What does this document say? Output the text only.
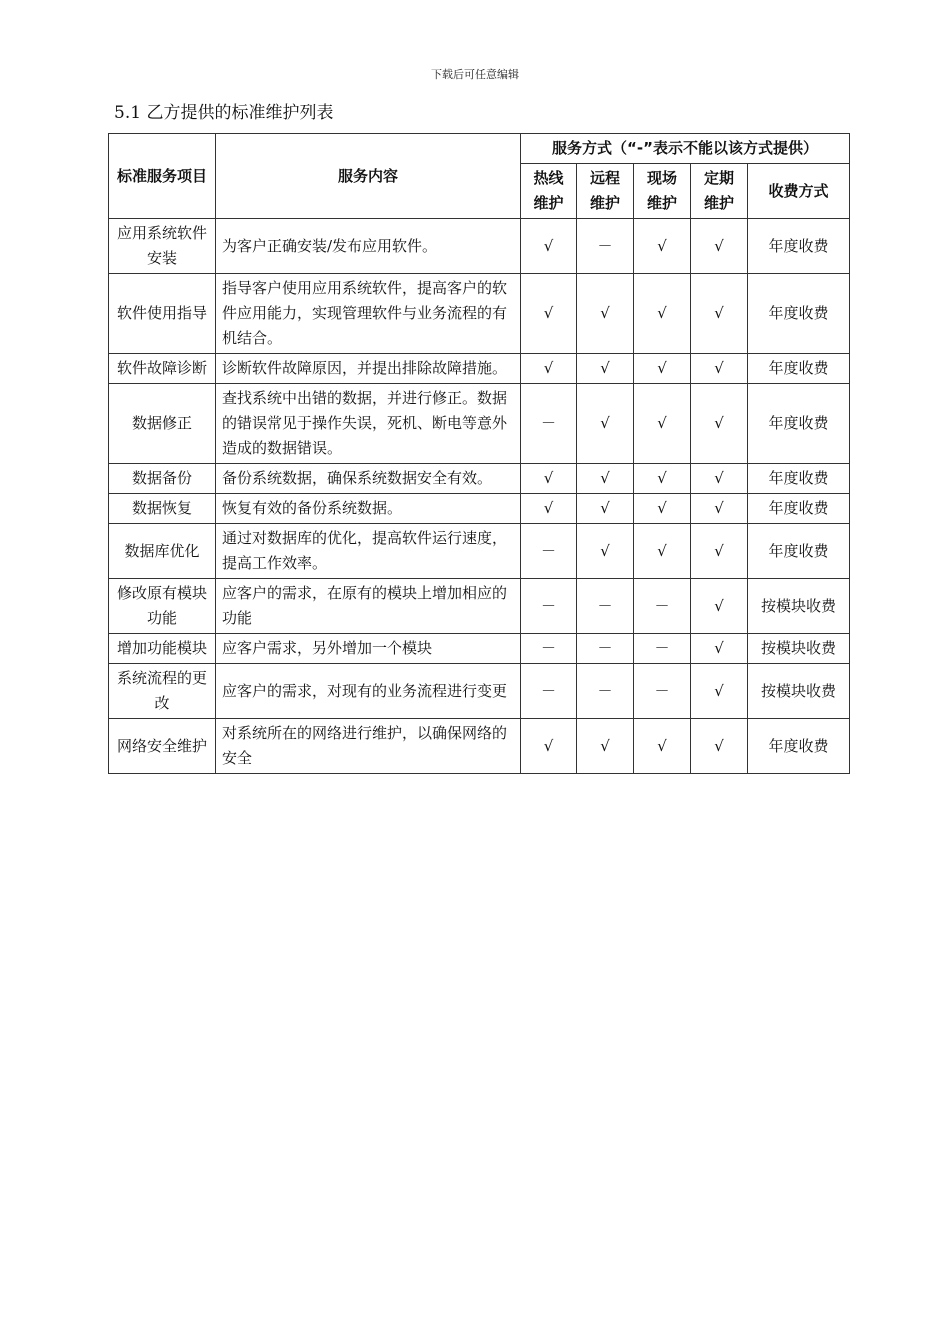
下载后可任意编辑
5.1 乙方提供的标准维护列表
标准服务项目	服务内容	服务方式（“-”表示不能以该方式提供）				
		热线维护	远程维护	现场维护	定期维护	收费方式
应用系统软件安装	为客户正确安装/发布应用软件。	√	－	√	√	年度收费
软件使用指导	指导客户使用应用系统软件，提高客户的软件应用能力，实现管理软件与业务流程的有机结合。	√	√	√	√	年度收费
软件故障诊断	诊断软件故障原因，并提出排除故障措施。	√	√	√	√	年度收费
数据修正	查找系统中出错的数据，并进行修正。数据的错误常见于操作失误，死机、断电等意外造成的数据错误。	－	√	√	√	年度收费
数据备份	备份系统数据，确保系统数据安全有效。	√	√	√	√	年度收费
数据恢复	恢复有效的备份系统数据。	√	√	√	√	年度收费
数据库优化	通过对数据库的优化，提高软件运行速度，提高工作效率。	－	√	√	√	年度收费
修改原有模块功能	应客户的需求，在原有的模块上增加相应的功能	－	－	－	√	按模块收费
增加功能模块	应客户需求，另外增加一个模块	－	－	－	√	按模块收费
系统流程的更改	应客户的需求，对现有的业务流程进行变更	－	－	－	√	按模块收费
网络安全维护	对系统所在的网络进行维护，以确保网络的安全	√	√	√	√	年度收费
